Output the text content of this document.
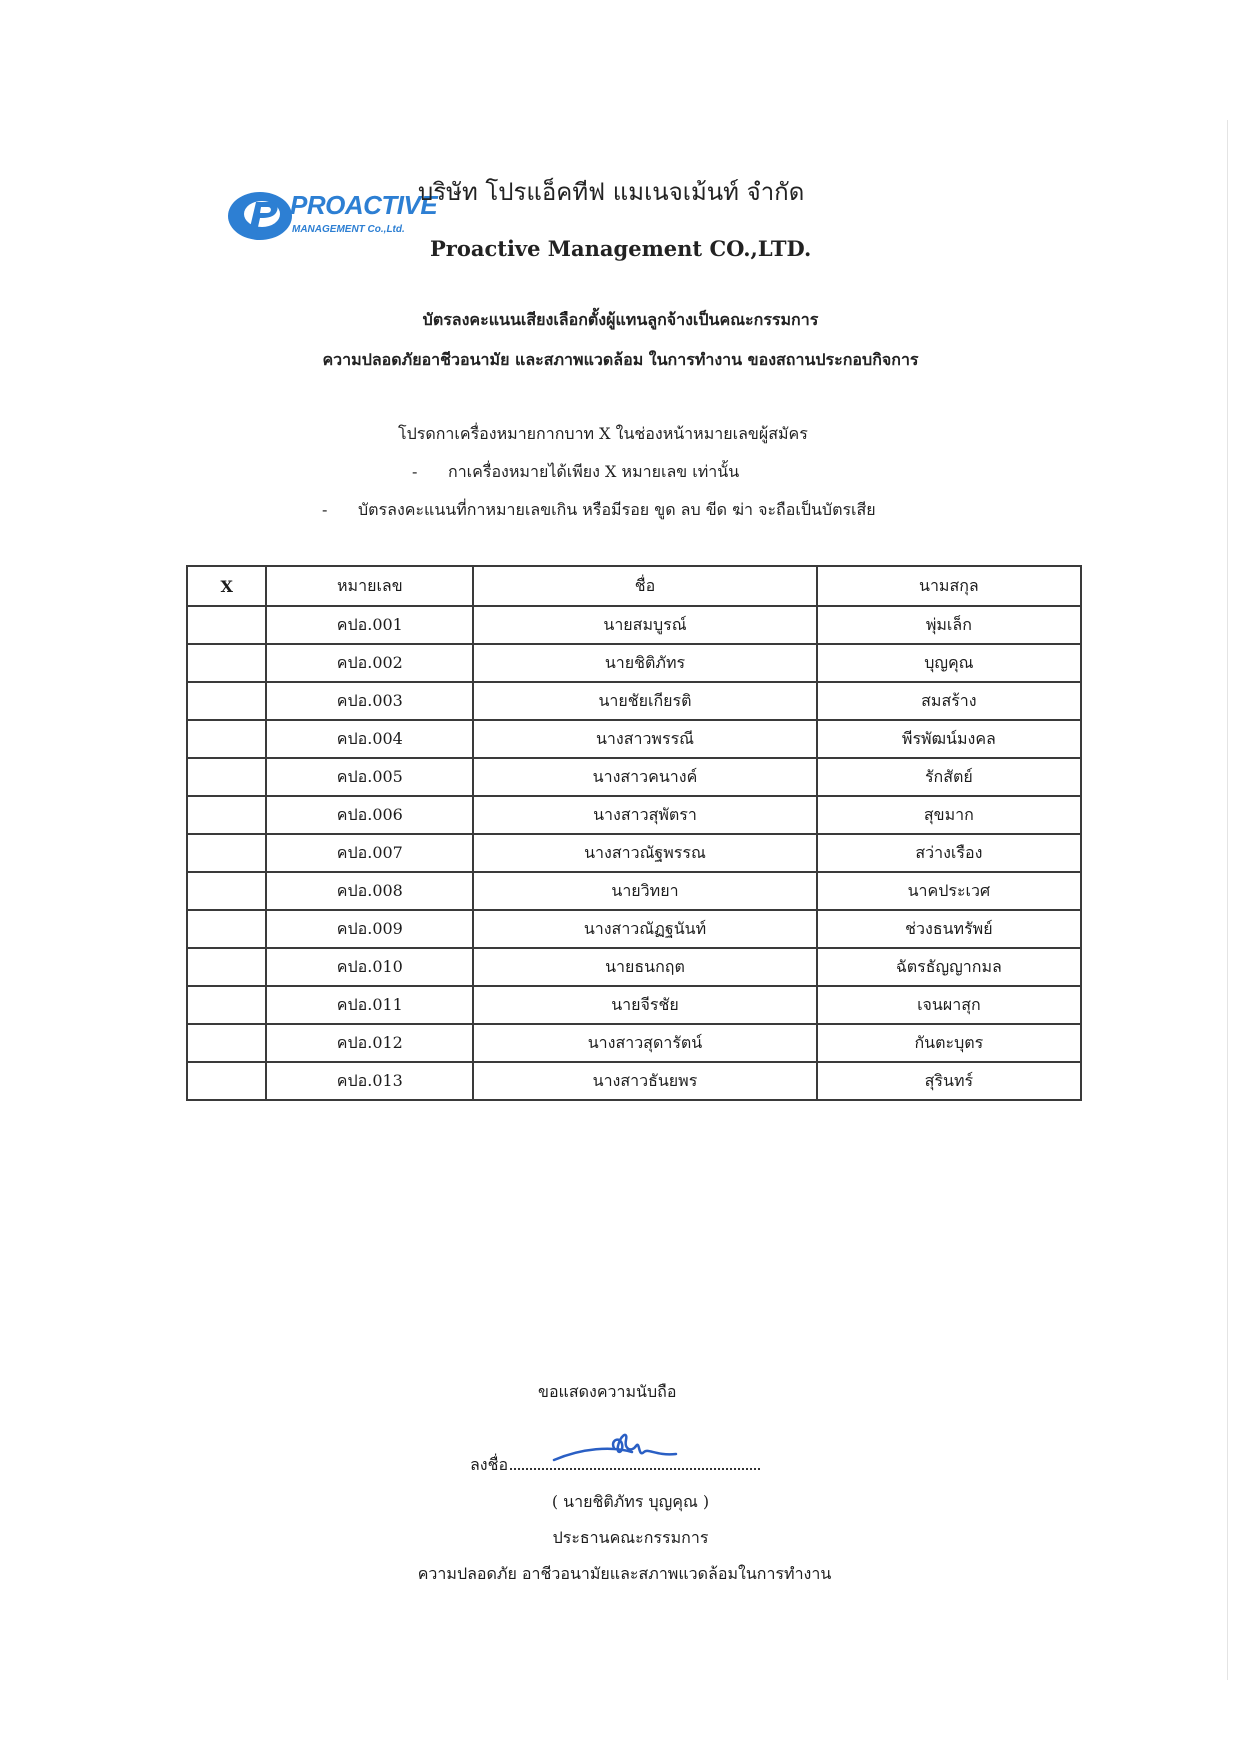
PROACTIVE
MANAGEMENT Co.,Ltd.
บริษัท โปรแอ็คทีฟ แมเนจเม้นท์ จำกัด
Proactive Management CO.,LTD.
บัตรลงคะแนนเสียงเลือกตั้งผู้แทนลูกจ้างเป็นคณะกรรมการ
ความปลอดภัยอาชีวอนามัย และสภาพแวดล้อม ในการทำงาน ของสถานประกอบกิจการ
โปรดกาเครื่องหมายกากบาท X ในช่องหน้าหมายเลขผู้สมัคร
- กาเครื่องหมายได้เพียง X หมายเลข เท่านั้น
- บัตรลงคะแนนที่กาหมายเลขเกิน หรือมีรอย ขูด ลบ ขีด ฆ่า จะถือเป็นบัตรเสีย
X	หมายเลข	ชื่อ	นามสกุล
	คปอ.001	นายสมบูรณ์	พุ่มเล็ก
	คปอ.002	นายชิติภัทร	บุญคุณ
	คปอ.003	นายชัยเกียรติ	สมสร้าง
	คปอ.004	นางสาวพรรณี	พีรพัฒน์มงคล
	คปอ.005	นางสาวคนางค์	รักสัตย์
	คปอ.006	นางสาวสุพัตรา	สุขมาก
	คปอ.007	นางสาวณัฐพรรณ	สว่างเรือง
	คปอ.008	นายวิทยา	นาคประเวศ
	คปอ.009	นางสาวณัฏฐนันท์	ช่วงธนทรัพย์
	คปอ.010	นายธนกฤต	ฉัตรธัญญากมล
	คปอ.011	นายจีรชัย	เจนผาสุก
	คปอ.012	นางสาวสุดารัตน์	กันตะบุตร
	คปอ.013	นางสาวธันยพร	สุรินทร์
ขอแสดงความนับถือ
ลงชื่อ
( นายชิติภัทร บุญคุณ )
ประธานคณะกรรมการ
ความปลอดภัย อาชีวอนามัยและสภาพแวดล้อมในการทำงาน
